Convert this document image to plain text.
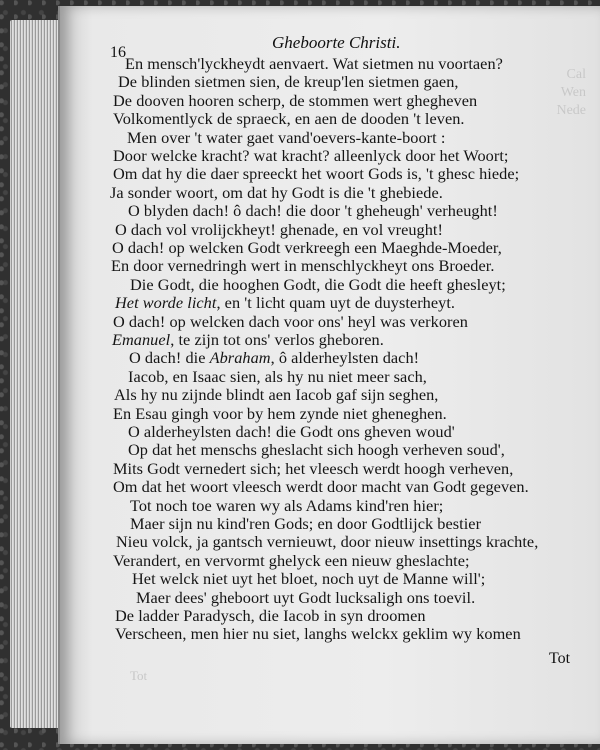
Cal
Wen
Nede
Tot
16
Gheboorte Christi.
En mensch'lyckheydt aenvaert. Wat sietmen nu voortaen?
De blinden sietmen sien, de kreup'len sietmen gaen,
De dooven hooren scherp, de stommen wert ghegheven
Volkomentlyck de spraeck, en aen de dooden 't leven.
Men over 't water gaet vand'oevers-kante-boort :
Door welcke kracht? wat kracht? alleenlyck door het Woort;
Om dat hy die daer spreeckt het woort Gods is, 't ghesc hiede;
Ja sonder woort, om dat hy Godt is die 't ghebiede.
O blyden dach! ô dach! die door 't gheheugh' verheught!
O dach vol vrolijckheyt! ghenade, en vol vreught!
O dach! op welcken Godt verkreegh een Maeghde-Moeder,
En door vernedringh wert in menschlyckheyt ons Broeder.
Die Godt, die hooghen Godt, die Godt die heeft ghesleyt;
Het worde licht, en 't licht quam uyt de duysterheyt.
O dach! op welcken dach voor ons' heyl was verkoren
Emanuel, te zijn tot ons' verlos gheboren.
O dach! die Abraham, ô alderheylsten dach!
Iacob, en Isaac sien, als hy nu niet meer sach,
Als hy nu zijnde blindt aen Iacob gaf sijn seghen,
En Esau gingh voor by hem zynde niet gheneghen.
O alderheylsten dach! die Godt ons gheven woud'
Op dat het menschs gheslacht sich hoogh verheven soud',
Mits Godt vernedert sich; het vleesch werdt hoogh verheven,
Om dat het woort vleesch werdt door macht van Godt gegeven.
Tot noch toe waren wy als Adams kind'ren hier;
Maer sijn nu kind'ren Gods; en door Godtlijck bestier
Nieu volck, ja gantsch vernieuwt, door nieuw insettings krachte,
Verandert, en vervormt ghelyck een nieuw gheslachte;
Het welck niet uyt het bloet, noch uyt de Manne will';
Maer dees' gheboort uyt Godt lucksaligh ons toevil.
De ladder Paradysch, die Iacob in syn droomen
Verscheen, men hier nu siet, langhs welckx geklim wy komen
Tot
